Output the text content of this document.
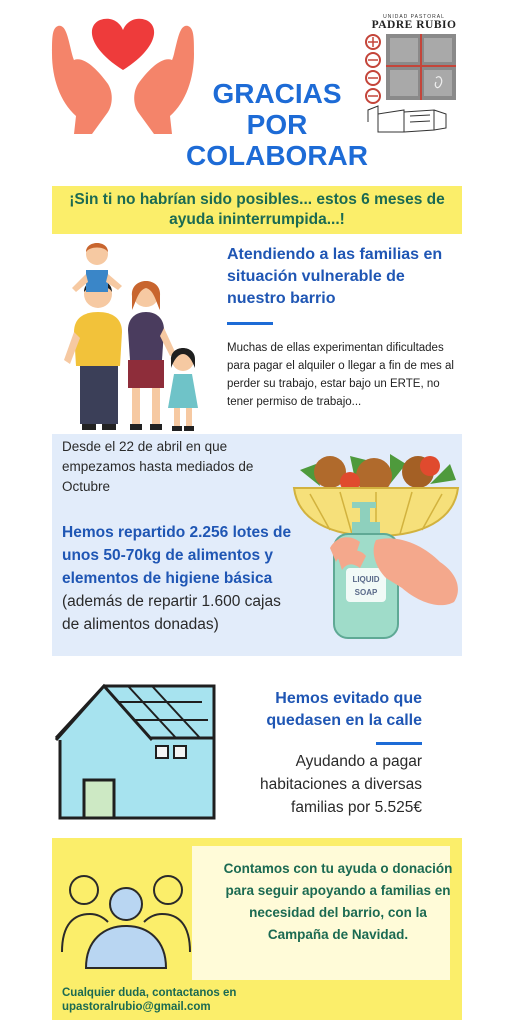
GRACIAS
POR
COLABORAR
UNIDAD PASTORAL
PADRE RUBIO
¡Sin ti no habrían sido posibles... estos 6 meses de ayuda ininterrumpida...!
Atendiendo a las familias en situación vulnerable de nuestro barrio
Muchas de ellas experimentan dificultades para pagar el alquiler o llegar a fin de mes al perder su trabajo, estar bajo un ERTE, no tener permiso de trabajo...
Desde el 22 de abril en que empezamos hasta mediados de Octubre
Hemos repartido 2.256 lotes de unos 50-70kg de alimentos y elementos de higiene básica (además de repartir 1.600 cajas de alimentos donadas)
LIQUID
SOAP
Hemos evitado que quedasen en la calle
Ayudando a pagar habitaciones a diversas familias por 5.525€
Contamos con tu ayuda o donación para seguir apoyando a familias en necesidad del barrio, con la Campaña de Navidad.
Cualquier duda, contactanos en
upastoralrubio@gmail.com
